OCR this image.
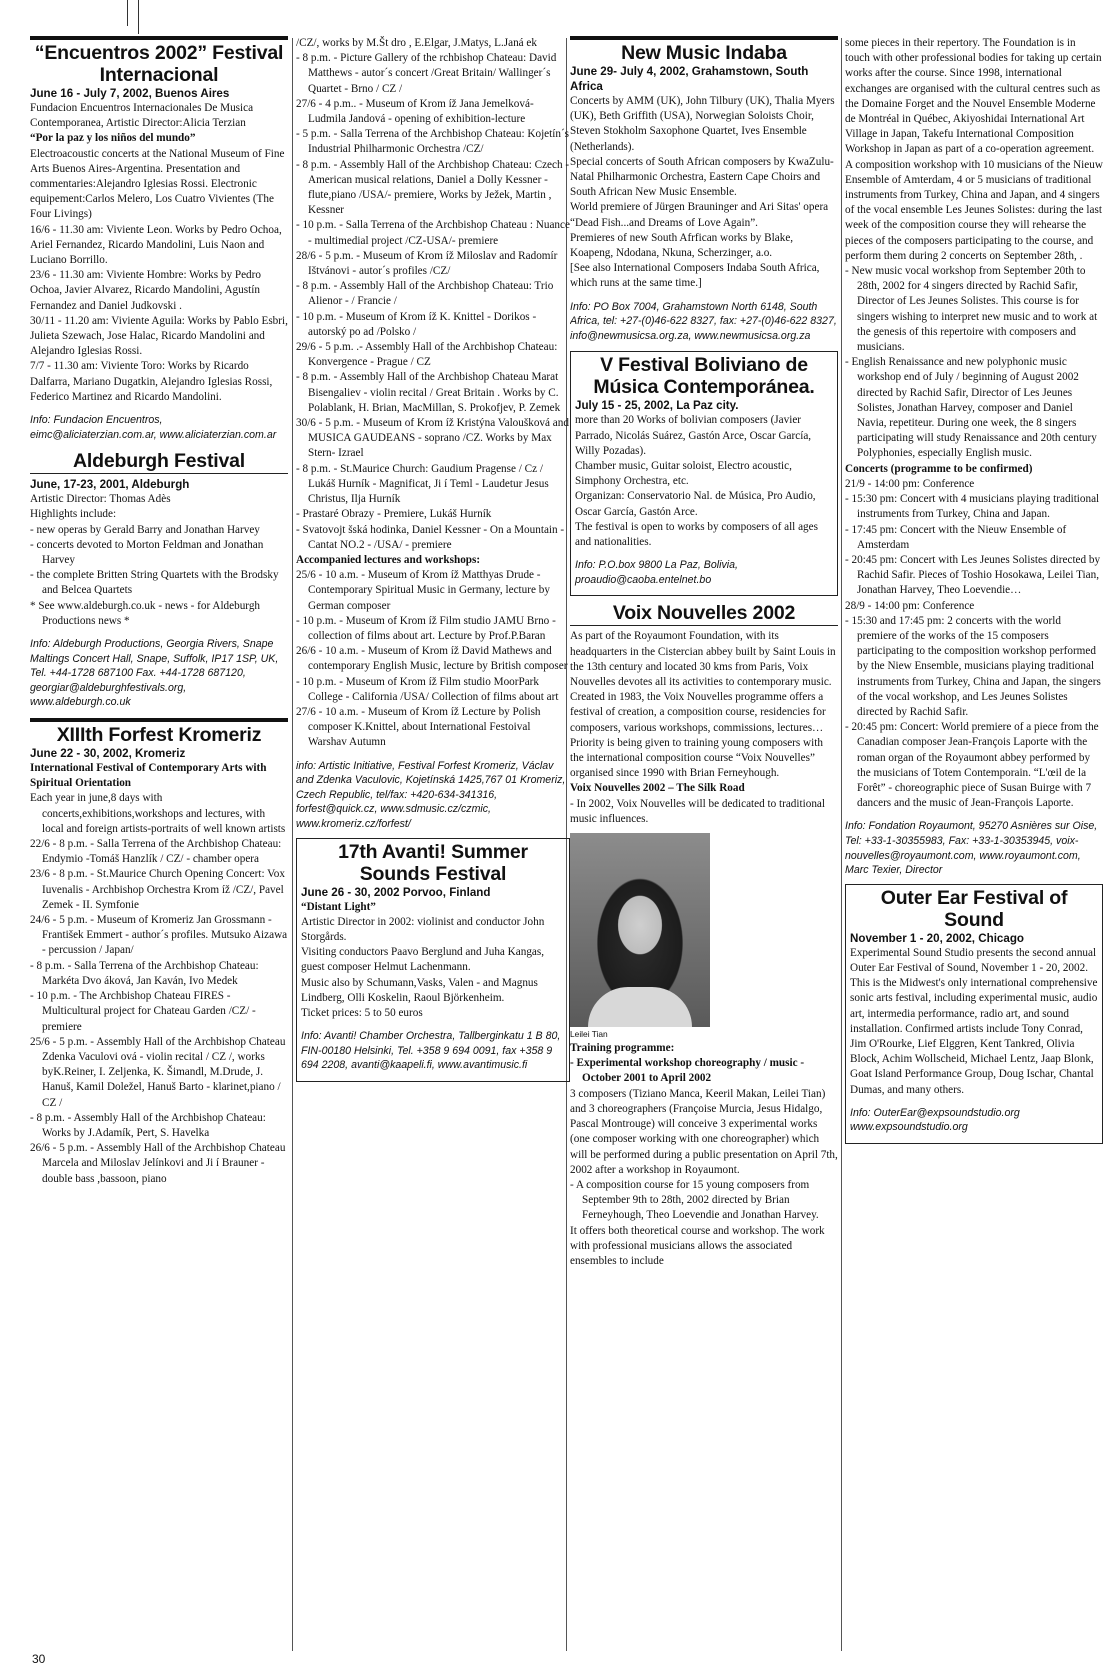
“Encuentros 2002” Festival Internacional

June 16 - July 7, 2002, Buenos Aires

Fundacion Encuentros Internacionales De Musica Contemporanea, Artistic Director:Alicia Terzian

“Por la paz y los niños del mundo”

Electroacoustic concerts at the National Museum of Fine Arts Buenos Aires-Argentina. Presentation and commentaries:Alejandro Iglesias Rossi. Electronic equipement:Carlos Melero, Los Cuatro Vivientes (The Four Livings)

16/6 - 11.30 am: Viviente Leon. Works by Pedro Ochoa, Ariel Fernandez, Ricardo Mandolini, Luis Naon and Luciano Borrillo.

23/6 - 11.30 am: Viviente Hombre: Works by Pedro Ochoa, Javier Alvarez, Ricardo Mandolini, Agustín Fernandez and Daniel Judkovski .

30/11 - 11.20 am: Viviente Aguila: Works by Pablo Esbri, Julieta Szewach, Jose Halac, Ricardo Mandolini and Alejandro Iglesias Rossi.

7/7 - 11.30 am: Viviente Toro: Works by Ricardo Dalfarra, Mariano Dugatkin, Alejandro Iglesias Rossi, Federico Martinez and Ricardo Mandolini.

Info: Fundacion Encuentros, eimc@aliciaterzian.com.ar, www.aliciaterzian.com.ar

Aldeburgh Festival

June, 17-23, 2001, Aldeburgh

Artistic Director: Thomas Adès

Highlights include:

- new operas by Gerald Barry and Jonathan Harvey

- concerts devoted to Morton Feldman and Jonathan Harvey

- the complete Britten String Quartets with the Brodsky and Belcea Quartets

* See www.aldeburgh.co.uk - news - for Aldeburgh Productions news *

Info: Aldeburgh Productions, Georgia Rivers, Snape Maltings Concert Hall, Snape, Suffolk, IP17 1SP, UK, Tel. +44-1728 687100 Fax. +44-1728 687120, georgiar@aldeburghfestivals.org, www.aldeburgh.co.uk

XIIIth Forfest Kromeriz

June 22 - 30, 2002, Kromeriz

International Festival of Contemporary Arts with Spiritual Orientation

Each year in june,8 days with concerts,exhibitions,workshops and lectures, with local and foreign artists-portraits of well known artists

22/6 - 8 p.m. - Salla Terrena of the Archbishop Chateau: Endymio -Tomáš Hanzlík / CZ/ - chamber opera

23/6 - 8 p.m. - St.Maurice Church Opening Concert: Vox Iuvenalis - Archbishop Orchestra Krom íž /CZ/, Pavel Zemek - II. Symfonie

24/6 - 5 p.m. - Museum of Kromeriz Jan Grossmann - František Emmert - author´s profiles. Mutsuko Aizawa - percussion / Japan/

- 8 p.m. - Salla Terrena of the Archbishop Chateau: Markéta Dvo áková, Jan Kaván, Ivo Medek

- 10 p.m. - The Archbishop Chateau FIRES - Multicultural project for Chateau Garden /CZ/ - premiere

25/6 - 5 p.m. - Assembly Hall of the Archbishop Chateau Zdenka Vaculovi ová - violin recital / CZ /, works byK.Reiner, I. Zeljenka, K. Šimandl, M.Drude, J. Hanuš, Kamil Doležel, Hanuš Barto - klarinet,piano / CZ /

- 8 p.m. - Assembly Hall of the Archbishop Chateau: Works by J.Adamík, Pert, S. Havelka

26/6 - 5 p.m. - Assembly Hall of the Archbishop Chateau Marcela and Miloslav Jelínkovi and Ji í Brauner - double bass ,bassoon, piano

/CZ/, works by M.Št dro , E.Elgar, J.Matys, L.Janá ek

- 8 p.m. - Picture Gallery of the rchbishop Chateau: David Matthews - autor´s concert /Great Britain/ Wallinger´s Quartet - Brno / CZ /

27/6 - 4 p.m.. - Museum of Krom íž Jana Jemelková-Ludmila Jandová - opening of exhibition-lecture

- 5 p.m. - Salla Terrena of the Archbishop Chateau: Kojetín´s Industrial Philharmonic Orchestra /CZ/

- 8 p.m. - Assembly Hall of the Archbishop Chateau: Czech - American musical relations, Daniel a Dolly Kessner - flute,piano /USA/- premiere, Works by Ježek, Martin , Kessner

- 10 p.m. - Salla Terrena of the Archbishop Chateau : Nuance - multimedial project /CZ-USA/- premiere

28/6 - 5 p.m. - Museum of Krom íž Miloslav and Radomír Ištvánovi - autor´s profiles /CZ/

- 8 p.m. - Assembly Hall of the Archbishop Chateau: Trio Alienor - / Francie /

- 10 p.m. - Museum of Krom íž K. Knittel - Dorikos - autorský po ad /Polsko /

29/6 - 5 p.m. .- Assembly Hall of the Archbishop Chateau: Konvergence - Prague / CZ

- 8 p.m. - Assembly Hall of the Archbishop Chateau Marat Bisengaliev - violin recital / Great Britain . Works by C. Polablank, H. Brian, MacMillan, S. Prokofjev, P. Zemek

30/6 - 5 p.m. - Museum of Krom íž Kristýna Valoušková and MUSICA GAUDEANS - soprano /CZ. Works by Max Stern- Izrael

- 8 p.m. - St.Maurice Church: Gaudium Pragense / Cz / Lukáš Hurník - Magnificat, Ji í Teml - Laudetur Jesus Christus, Ilja Hurník

- Prastaré Obrazy - Premiere, Lukáš Hurník

- Svatovojt šská hodinka, Daniel Kessner - On a Mountain - Cantat NO.2 - /USA/ - premiere

Accompanied lectures and workshops:

25/6 - 10 a.m. - Museum of Krom íž Matthyas Drude - Contemporary Spiritual Music in Germany, lecture by German composer

- 10 p.m. - Museum of Krom íž Film studio JAMU Brno - collection of films about art. Lecture by Prof.P.Baran

26/6 - 10 a.m. - Museum of Krom íž David Mathews and contemporary English Music, lecture by British composer

- 10 p.m. - Museum of Krom íž Film studio MoorPark College - California /USA/ Collection of films about art

27/6 - 10 a.m. - Museum of Krom íž Lecture by Polish composer K.Knittel, about International Festoival Warshav Autumn

info: Artistic Initiative, Festival Forfest Kromeriz, Václav and Zdenka Vaculovic, Kojetínská 1425,767 01 Kromeriz, Czech Republic, tel/fax: +420-634-341316, forfest@quick.cz, www.sdmusic.cz/czmic, www.kromeriz.cz/forfest/

17th Avanti! Summer Sounds Festival

June 26 - 30, 2002 Porvoo, Finland

“Distant Light”

Artistic Director in 2002: violinist and conductor John Storgårds.

Visiting conductors Paavo Berglund and Juha Kangas, guest composer Helmut Lachenmann.

Music also by Schumann,Vasks, Valen - and Magnus Lindberg, Olli Koskelin, Raoul Björkenheim.

Ticket prices: 5 to 50 euros

Info: Avanti! Chamber Orchestra, Tallberginkatu 1 B 80, FIN-00180 Helsinki, Tel. +358 9 694 0091, fax +358 9 694 2208, avanti@kaapeli.fi, www.avantimusic.fi

New Music Indaba

June 29- July 4, 2002, Grahamstown, South Africa

Concerts by AMM (UK), John Tilbury (UK), Thalia Myers (UK), Beth Griffith (USA), Norwegian Soloists Choir, Steven Stokholm Saxophone Quartet, Ives Ensemble (Netherlands).

Special concerts of South African composers by KwaZulu-Natal Philharmonic Orchestra, Eastern Cape Choirs and South African New Music Ensemble.

World premiere of Jürgen Brauninger and Ari Sitas' opera “Dead Fish...and Dreams of Love Again”.

Premieres of new South Afrfican works by Blake, Koapeng, Ndodana, Nkuna, Scherzinger, a.o.

[See also International Composers Indaba South Africa, which runs at the same time.]

Info: PO Box 7004, Grahamstown North 6148, South Africa, tel: +27-(0)46-622 8327, fax: +27-(0)46-622 8327, info@newmusicsa.org.za, www.newmusicsa.org.za

V Festival Boliviano de Música Contemporánea.

July 15 - 25, 2002, La Paz city.

more than 20 Works of bolivian composers (Javier Parrado, Nicolás Suárez, Gastón Arce, Oscar García, Willy Pozadas).

Chamber music, Guitar soloist, Electro acoustic, Simphony Orchestra, etc.

Organizan: Conservatorio Nal. de Música, Pro Audio, Oscar García, Gastón Arce.

The festival is open to works by composers of all ages and nationalities.

Info: P.O.box 9800 La Paz, Bolivia, proaudio@caoba.entelnet.bo

Voix Nouvelles 2002

As part of the Royaumont Foundation, with its headquarters in the Cistercian abbey built by Saint Louis in the 13th century and located 30 kms from Paris, Voix Nouvelles devotes all its activities to contemporary music. Created in 1983, the Voix Nouvelles programme offers a festival of creation, a composition course, residencies for composers, various workshops, commissions, lectures… Priority is being given to training young composers with the international composition course “Voix Nouvelles” organised since 1990 with Brian Ferneyhough.

Voix Nouvelles 2002 – The Silk Road

- In 2002, Voix Nouvelles will be dedicated to traditional music influences.

Leilei Tian

Training programme:

- Experimental workshop choreography / music - October 2001 to April 2002

3 composers (Tiziano Manca, Keeril Makan, Leilei Tian) and 3 choreographers (Françoise Murcia, Jesus Hidalgo, Pascal Montrouge) will conceive 3 experimental works (one composer working with one choreographer) which will be performed during a public presentation on April 7th, 2002 after a workshop in Royaumont.

- A composition course for 15 young composers from September 9th to 28th, 2002 directed by Brian Ferneyhough, Theo Loevendie and Jonathan Harvey.

It offers both theoretical course and workshop. The work with professional musicians allows the associated ensembles to include

some pieces in their repertory. The Foundation is in touch with other professional bodies for taking up certain works after the course. Since 1998, international exchanges are organised with the cultural centres such as the Domaine Forget and the Nouvel Ensemble Moderne de Montréal in Québec, Akiyoshidai International Art Village in Japan, Takefu International Composition Workshop in Japan as part of a co-operation agreement.

A composition workshop with 10 musicians of the Nieuw Ensemble of Amterdam, 4 or 5 musicians of traditional instruments from Turkey, China and Japan, and 4 singers of the vocal ensemble Les Jeunes Solistes: during the last week of the composition course they will rehearse the pieces of the composers participating to the course, and perform them during 2 concerts on September 28th, .

- New music vocal workshop from September 20th to 28th, 2002 for 4 singers directed by Rachid Safir, Director of Les Jeunes Solistes. This course is for singers wishing to interpret new music and to work at the genesis of this repertoire with composers and musicians.

- English Renaissance and new polyphonic music workshop end of July / beginning of August 2002 directed by Rachid Safir, Director of Les Jeunes Solistes, Jonathan Harvey, composer and Daniel Navia, repetiteur. During one week, the 8 singers participating will study Renaissance and 20th century Polyphonies, especially English music.

Concerts (programme to be confirmed)

21/9 - 14:00 pm: Conference

- 15:30 pm: Concert with 4 musicians playing traditional instruments from Turkey, China and Japan.

- 17:45 pm: Concert with the Nieuw Ensemble of Amsterdam

- 20:45 pm: Concert with Les Jeunes Solistes directed by Rachid Safir. Pieces of Toshio Hosokawa, Leilei Tian, Jonathan Harvey, Theo Loevendie…

28/9 - 14:00 pm: Conference

- 15:30 and 17:45 pm: 2 concerts with the world premiere of the works of the 15 composers participating to the composition workshop performed by the Niew Ensemble, musicians playing traditional instruments from Turkey, China and Japan, the singers of the vocal workshop, and Les Jeunes Solistes directed by Rachid Safir.

- 20:45 pm: Concert: World premiere of a piece from the Canadian composer Jean-François Laporte with the roman organ of the Royaumont abbey performed by the musicians of Totem Contemporain. “L'œil de la Forêt” - choreographic piece of Susan Buirge with 7 dancers and the music of Jean-François Laporte.

Info: Fondation Royaumont, 95270 Asnières sur Oise, Tel: +33-1-30355983, Fax: +33-1-30353945, voix-nouvelles@royaumont.com, www.royaumont.com, Marc Texier, Director

Outer Ear Festival of Sound

November 1 - 20, 2002, Chicago

Experimental Sound Studio presents the second annual Outer Ear Festival of Sound, November 1 - 20, 2002. This is the Midwest's only international comprehensive sonic arts festival, including experimental music, audio art, intermedia performance, radio art, and sound installation. Confirmed artists include Tony Conrad, Jim O'Rourke, Lief Elggren, Kent Tankred, Olivia Block, Achim Wollscheid, Michael Lentz, Jaap Blonk, Goat Island Performance Group, Doug Ischar, Chantal Dumas, and many others.

Info: OuterEar@expsoundstudio.org www.expsoundstudio.org

30
